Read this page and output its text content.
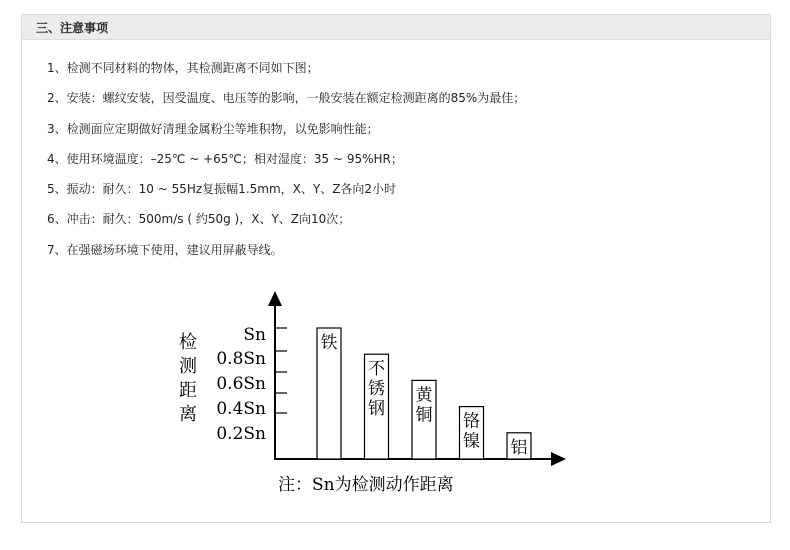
三、注意事项
1、检测不同材料的物体，其检测距离不同如下图；
2、安装：螺纹安装，因受温度、电压等的影响，一般安装在额定检测距离的85%为最佳；
3、检测面应定期做好清理金属粉尘等堆积物，以免影响性能；
4、使用环境温度：–25℃ ~ +65℃；相对湿度：35 ~ 95%HR；
5、振动：耐久：10 ~ 55Hz复振幅1.5mm，X、Y、Z各向2小时
6、冲击：耐久：500m/s ( 约50g )，X、Y、Z向10次；
7、在强磁场环境下使用，建议用屏蔽导线。
检
测
距
离
Sn
0.8Sn
0.6Sn
0.4Sn
0.2Sn
铁
不
锈
钢
黄
铜 铬
镍 铝
注：Sn为检测动作距离
